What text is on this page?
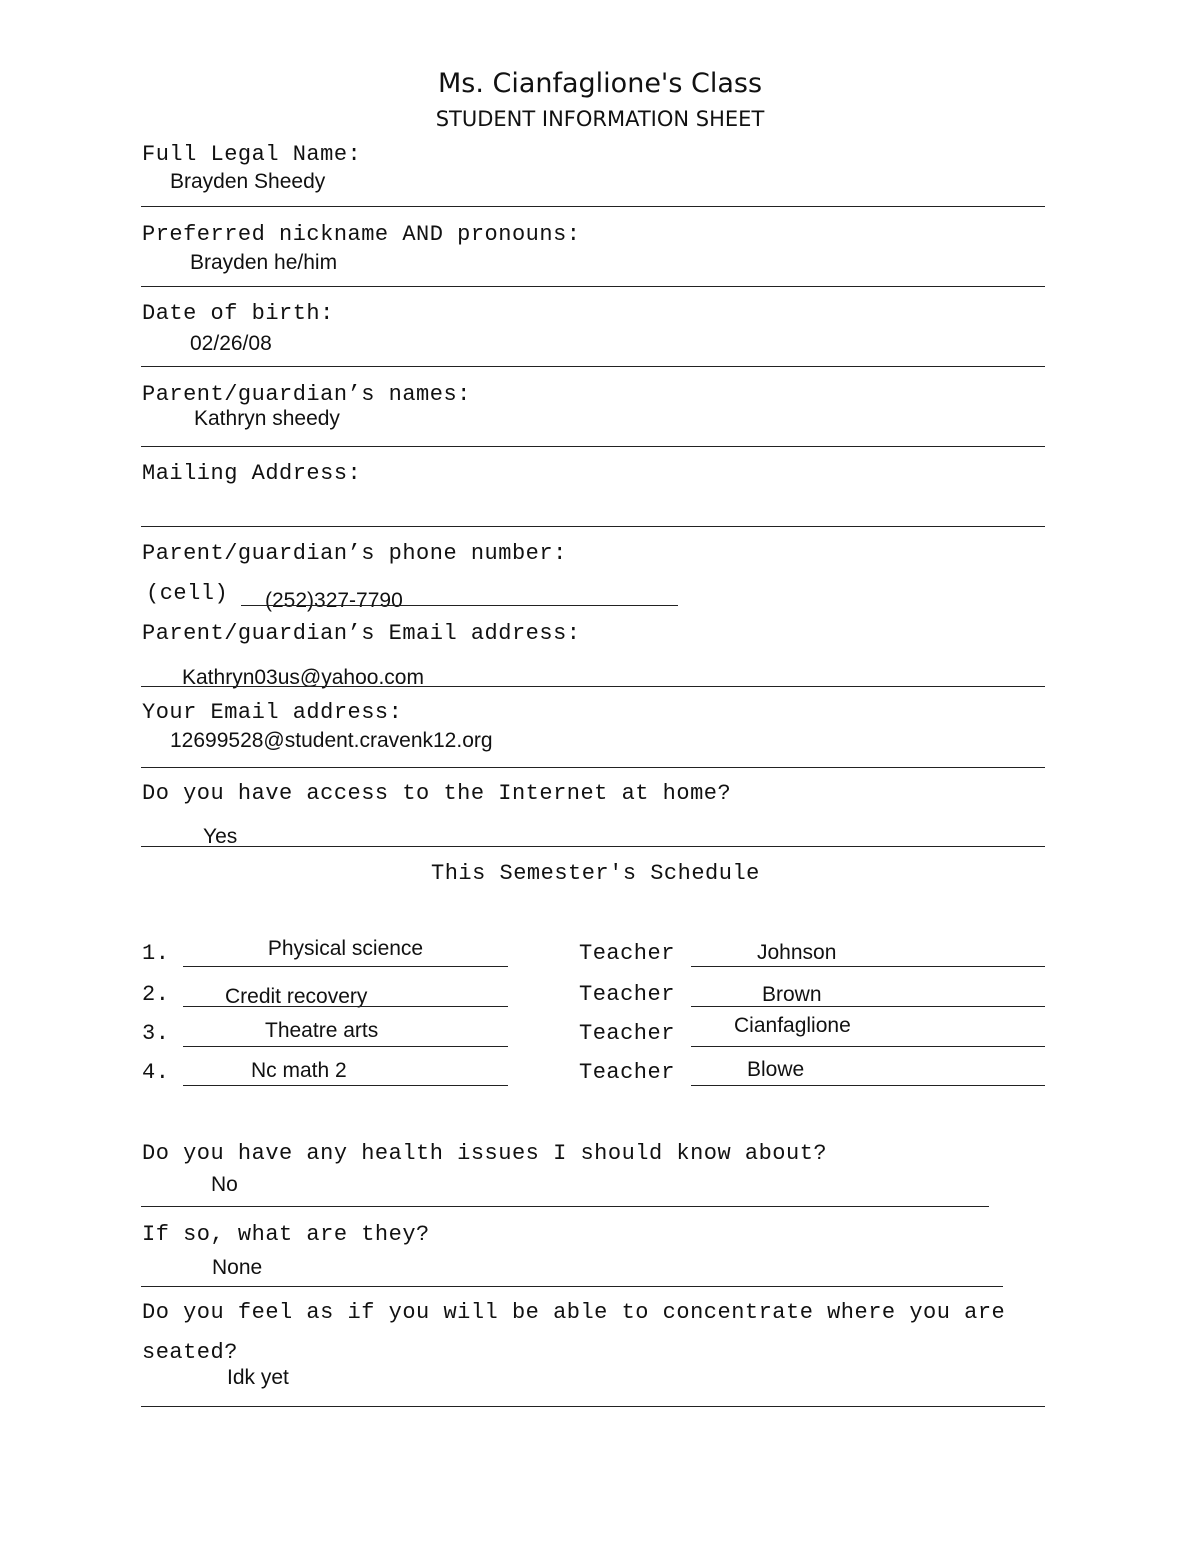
Ms. Cianfaglione's Class
STUDENT INFORMATION SHEET
Full Legal Name:
Brayden Sheedy
Preferred nickname AND pronouns:
Brayden he/him
Date of birth:
02/26/08
Parent/guardian’s names:
Kathryn sheedy
Mailing Address:
Parent/guardian’s phone number:
(cell) (252)327-7790
Parent/guardian’s Email address:
Kathryn03us@yahoo.com
Your Email address:
12699528@student.cravenk12.org
Do you have access to the Internet at home?
Yes
This Semester's Schedule
1.	Physical science	Teacher	Johnson
2.	Credit recovery	Teacher	Brown
3.	Theatre arts	Teacher	Cianfaglione
4.	Nc math 2	Teacher	Blowe
Do you have any health issues I should know about?
No
If so, what are they?
None
Do you feel as if you will be able to concentrate where you are
seated?
Idk yet
